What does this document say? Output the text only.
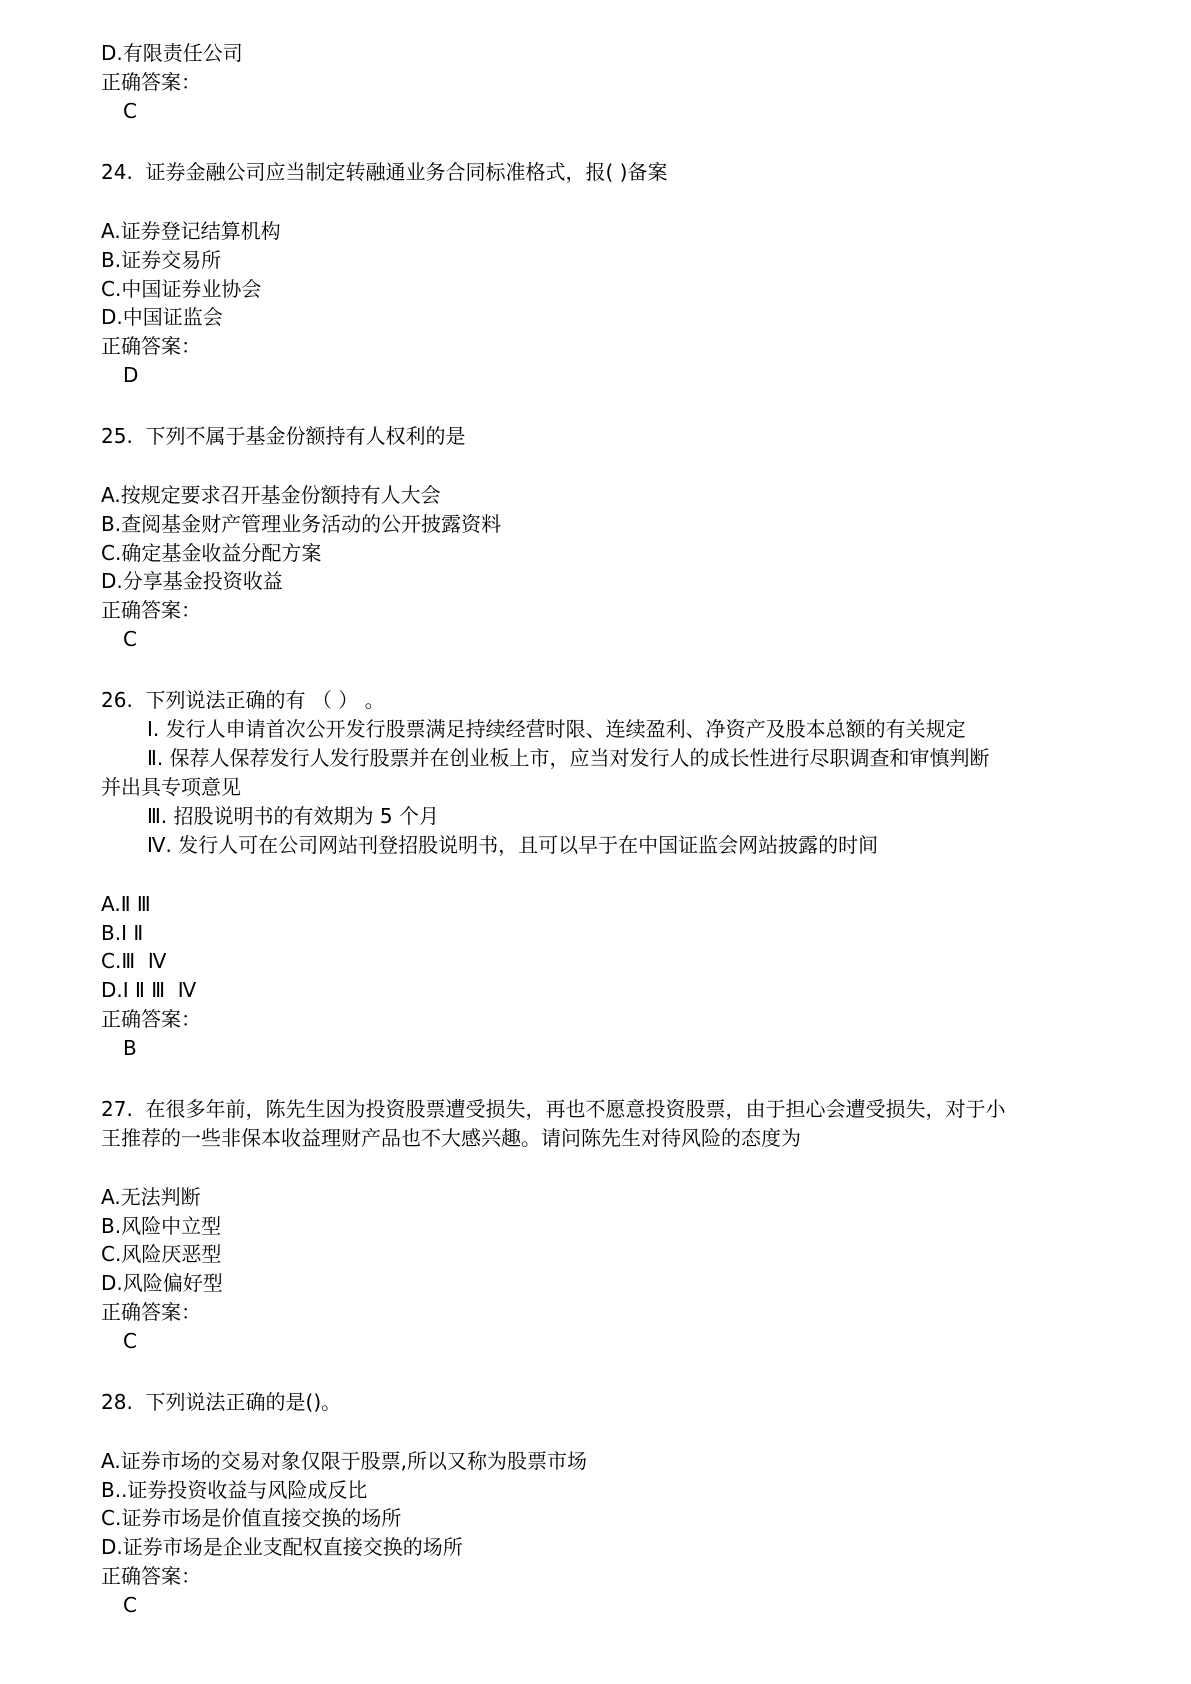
D.有限责任公司
正确答案：
C
24.  证券金融公司应当制定转融通业务合同标准格式，报( )备案
A.证券登记结算机构
B.证券交易所
C.中国证券业协会
D.中国证监会
正确答案：
D
25.  下列不属于基金份额持有人权利的是
A.按规定要求召开基金份额持有人大会
B.查阅基金财产管理业务活动的公开披露资料
C.确定基金收益分配方案
D.分享基金投资收益
正确答案：
C
26.  下列说法正确的有 （ ） 。
Ⅰ. 发行人申请首次公开发行股票满足持续经营时限、连续盈利、净资产及股本总额的有关规定
Ⅱ. 保荐人保荐发行人发行股票并在创业板上市，应当对发行人的成长性进行尽职调查和审慎判断
并出具专项意见
Ⅲ. 招股说明书的有效期为 5 个月
Ⅳ. 发行人可在公司网站刊登招股说明书，且可以早于在中国证监会网站披露的时间
A.Ⅱ Ⅲ
B.Ⅰ Ⅱ
C.Ⅲ  Ⅳ
D.Ⅰ Ⅱ Ⅲ  Ⅳ
正确答案：
B
27.  在很多年前，陈先生因为投资股票遭受损失，再也不愿意投资股票，由于担心会遭受损失，对于小
王推荐的一些非保本收益理财产品也不大感兴趣。请问陈先生对待风险的态度为
A.无法判断
B.风险中立型
C.风险厌恶型
D.风险偏好型
正确答案：
C
28.  下列说法正确的是()。
A.证券市场的交易对象仅限于股票,所以又称为股票市场
B..证券投资收益与风险成反比
C.证券市场是价值直接交换的场所
D.证券市场是企业支配权直接交换的场所
正确答案：
C
